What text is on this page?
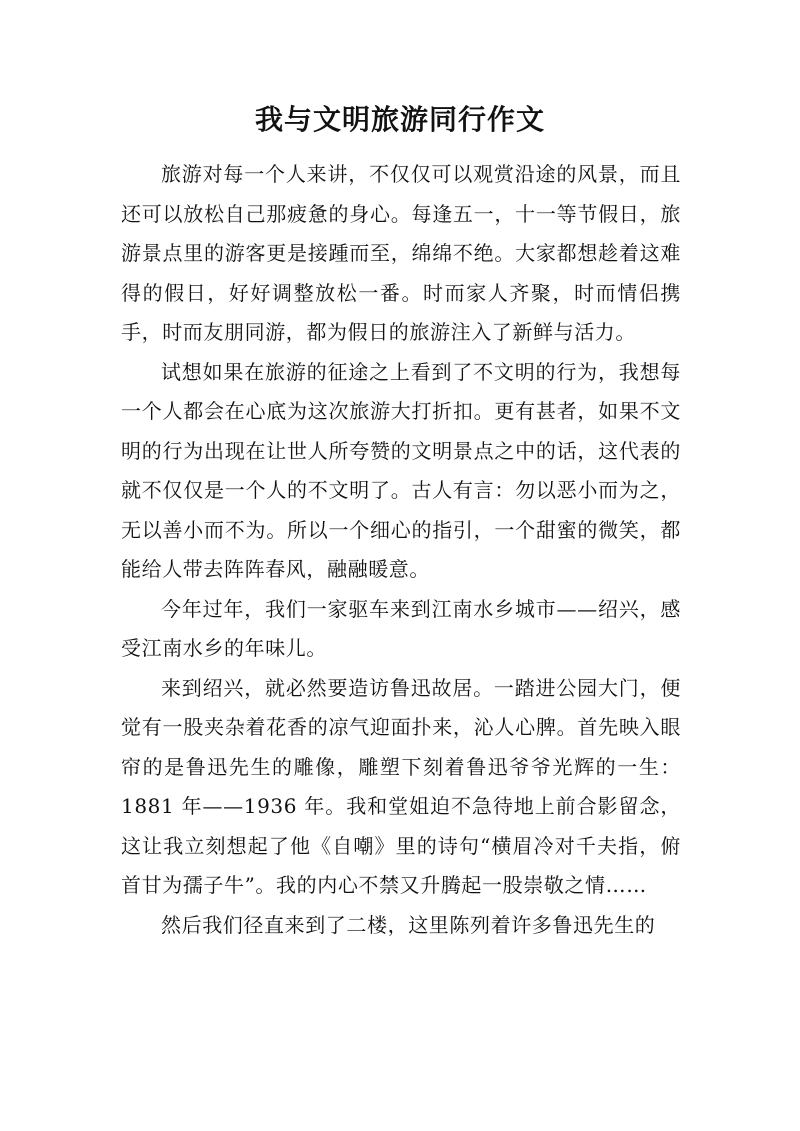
我与文明旅游同行作文

旅游对每一个人来讲，不仅仅可以观赏沿途的风景，而且还可以放松自己那疲惫的身心。每逢五一，十一等节假日，旅游景点里的游客更是接踵而至，绵绵不绝。大家都想趁着这难得的假日，好好调整放松一番。时而家人齐聚，时而情侣携手，时而友朋同游，都为假日的旅游注入了新鲜与活力。

试想如果在旅游的征途之上看到了不文明的行为，我想每一个人都会在心底为这次旅游大打折扣。更有甚者，如果不文明的行为出现在让世人所夸赞的文明景点之中的话，这代表的就不仅仅是一个人的不文明了。古人有言：勿以恶小而为之，无以善小而不为。所以一个细心的指引，一个甜蜜的微笑，都能给人带去阵阵春风，融融暖意。

今年过年，我们一家驱车来到江南水乡城市——绍兴，感受江南水乡的年味儿。

来到绍兴，就必然要造访鲁迅故居。一踏进公园大门，便觉有一股夹杂着花香的凉气迎面扑来，沁人心脾。首先映入眼帘的是鲁迅先生的雕像，雕塑下刻着鲁迅爷爷光辉的一生：1881 年——1936 年。我和堂姐迫不急待地上前合影留念，这让我立刻想起了他《自嘲》里的诗句“横眉冷对千夫指，俯首甘为孺子牛”。我的内心不禁又升腾起一股崇敬之情……

然后我们径直来到了二楼，这里陈列着许多鲁迅先生的
